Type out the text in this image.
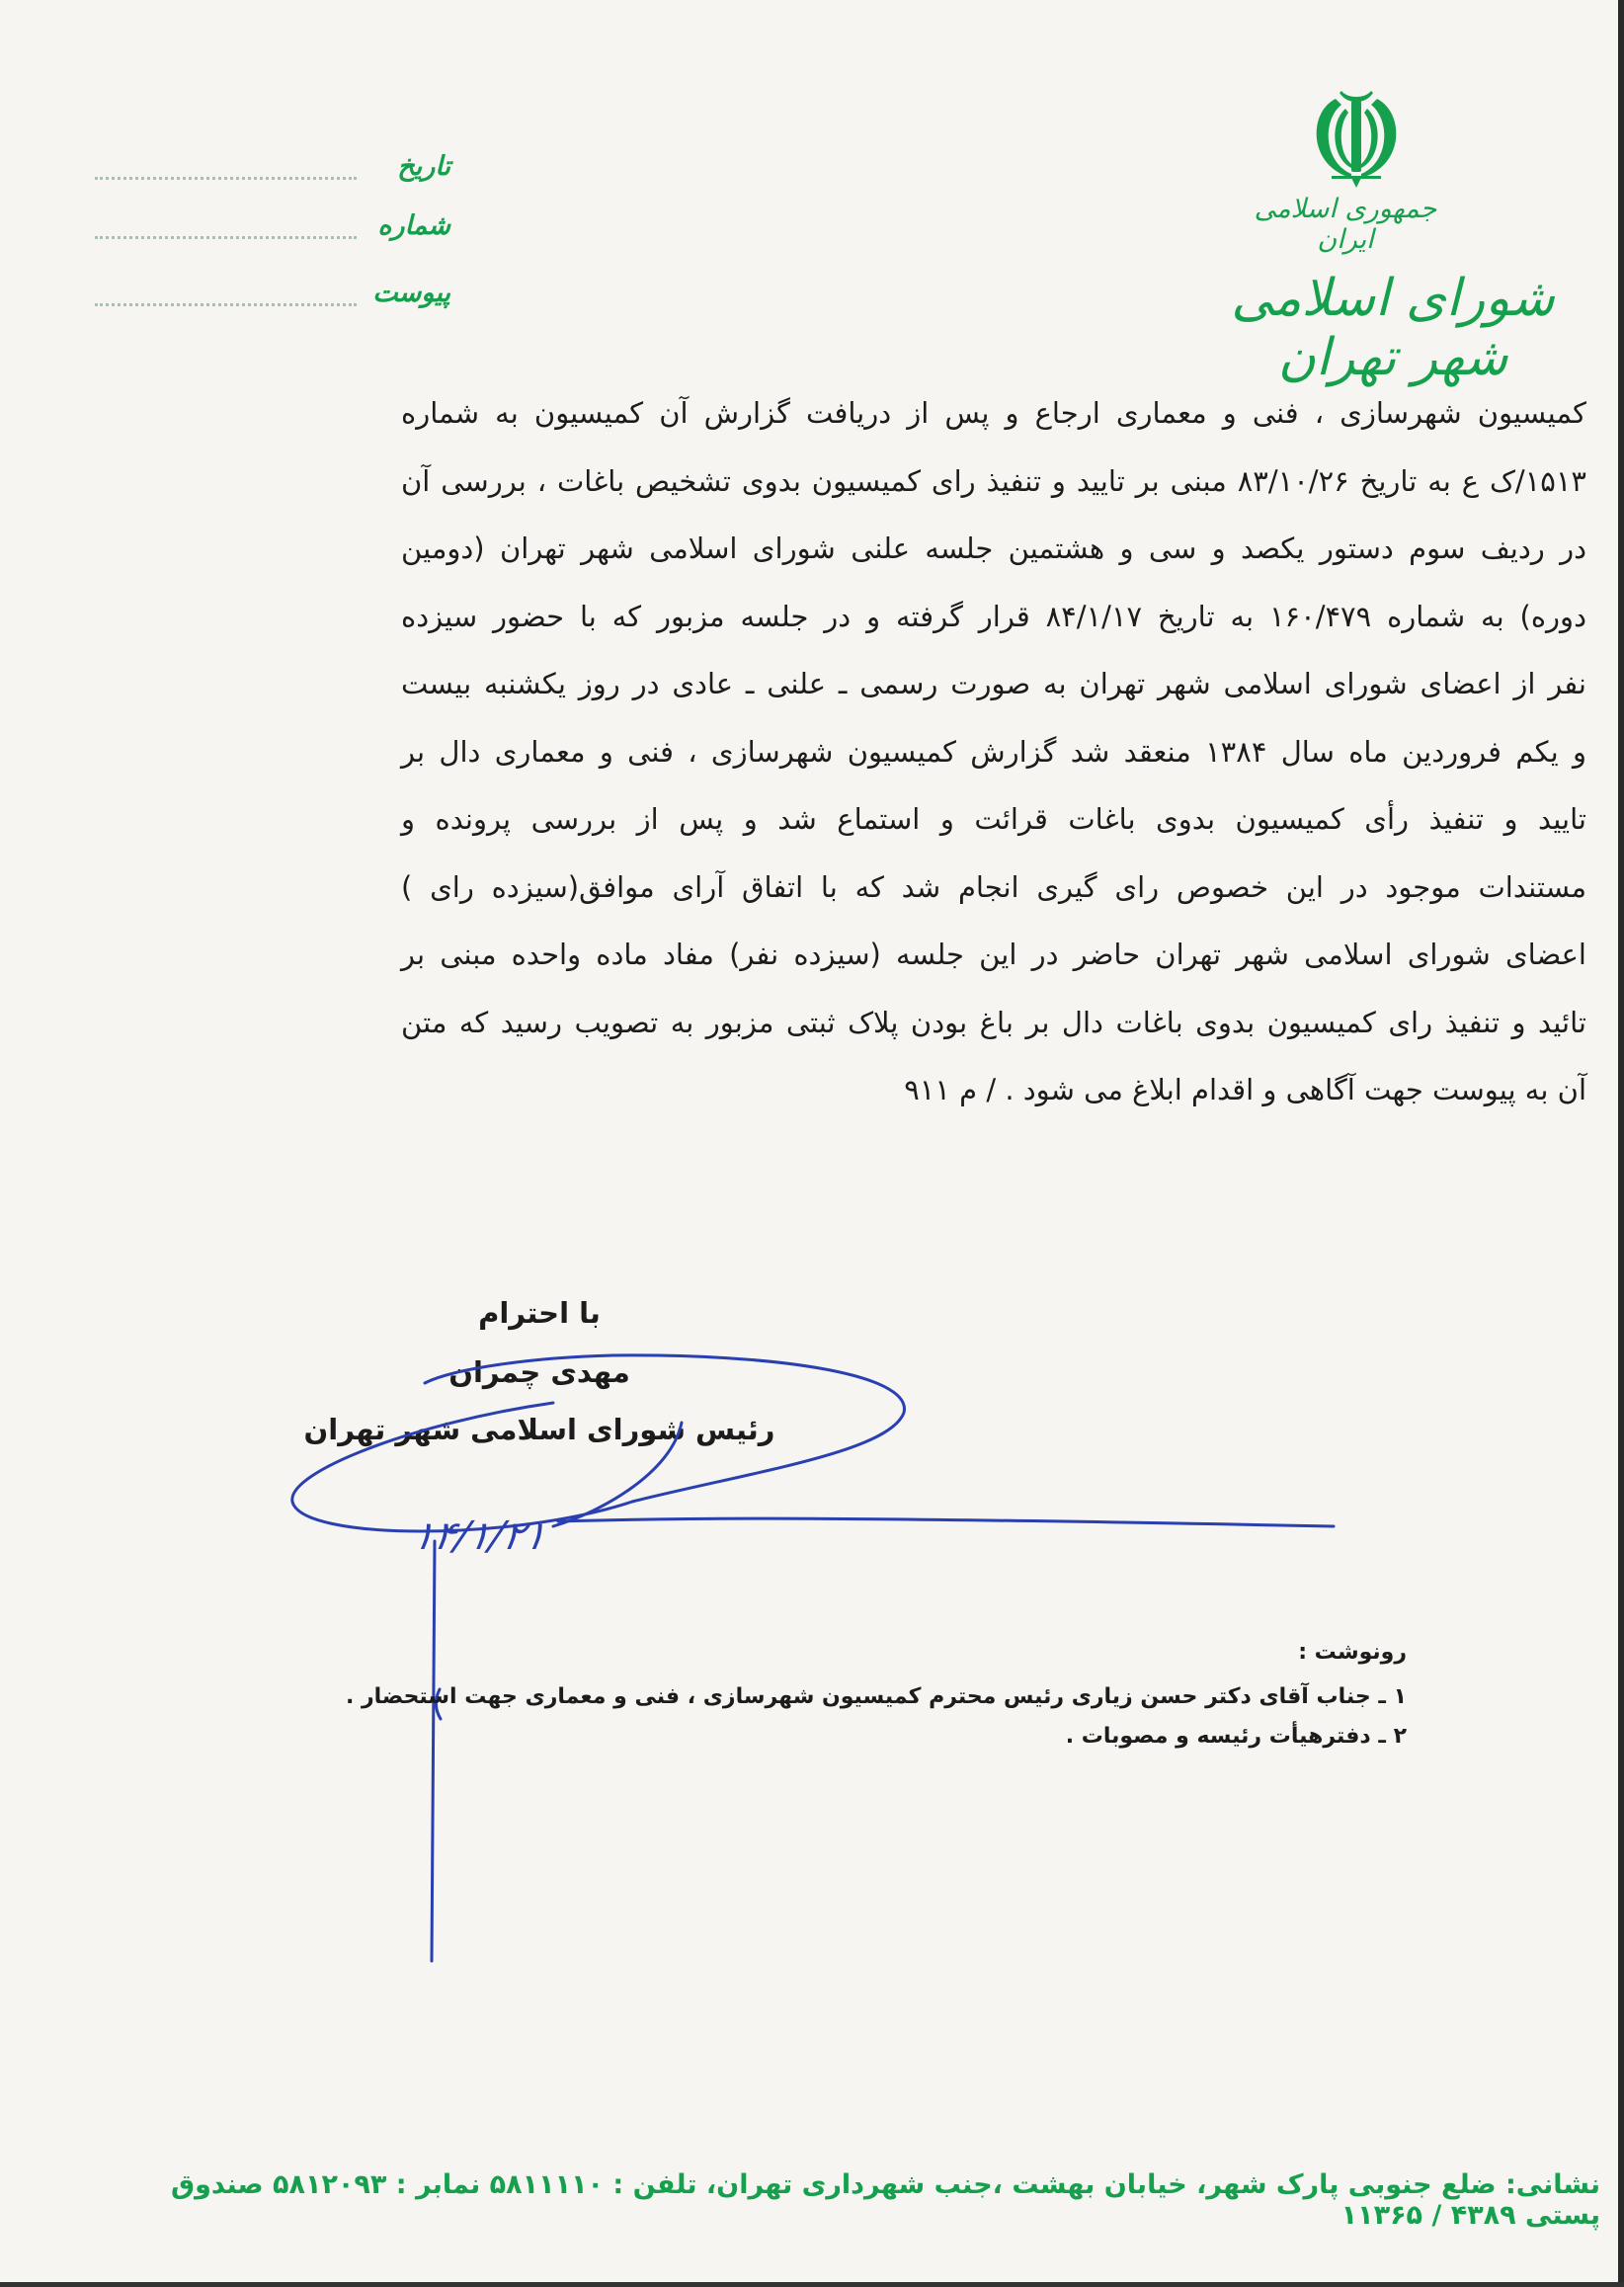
جمهوری اسلامی ایران
شورای اسلامی شهر تهران
تاریخ
شماره
پیوست
کمیسیون شهرسازی ، فنی و معماری ارجاع و پس از دریافت گزارش آن کمیسیون به شماره
۱۵۱۳/ک ع به تاریخ ۸۳/۱۰/۲۶ مبنی بر تایید و تنفیذ رای کمیسیون بدوی تشخیص باغات ، بررسی آن
در ردیف سوم دستور یکصد و سی و هشتمین جلسه علنی شورای اسلامی شهر تهران (دومین
دوره) به شماره ۱۶۰/۴۷۹ به تاریخ ۸۴/۱/۱۷ قرار گرفته و در جلسه مزبور که با حضور سیزده
نفر از اعضای شورای اسلامی شهر تهران به صورت رسمی ـ علنی ـ عادی در روز یکشنبه بیست
و یکم فروردین ماه سال ۱۳۸۴ منعقد شد گزارش کمیسیون شهرسازی ، فنی و معماری دال بر
تایید و تنفیذ رأی کمیسیون بدوی باغات قرائت و استماع شد و پس از بررسی پرونده و
مستندات موجود در این خصوص رای گیری انجام شد که با اتفاق آرای موافق(سیزده رای )
اعضای شورای اسلامی شهر تهران حاضر در این جلسه (سیزده نفر) مفاد ماده واحده مبنی بر
تائید و تنفیذ رای کمیسیون بدوی باغات دال بر باغ بودن پلاک ثبتی مزبور به تصویب رسید که متن
آن به پیوست جهت آگاهی و اقدام ابلاغ می شود . / م ۹۱۱
با احترام
مهدی چمران
رئیس شورای اسلامی شهر تهران
۱۴/۱/۲۱
رونوشت :
۱ ـ جناب آقای دکتر حسن زیاری رئیس محترم کمیسیون شهرسازی ، فنی و معماری جهت استحضار .
۲ ـ دفترهیأت رئیسه و مصوبات .
نشانی: ضلع جنوبی پارک شهر، خیابان بهشت ،جنب شهرداری تهران، تلفن : ۵۸۱۱۱۱۰ نمابر : ۵۸۱۲۰۹۳ صندوق پستی ۴۳۸۹ / ۱۱۳۶۵
